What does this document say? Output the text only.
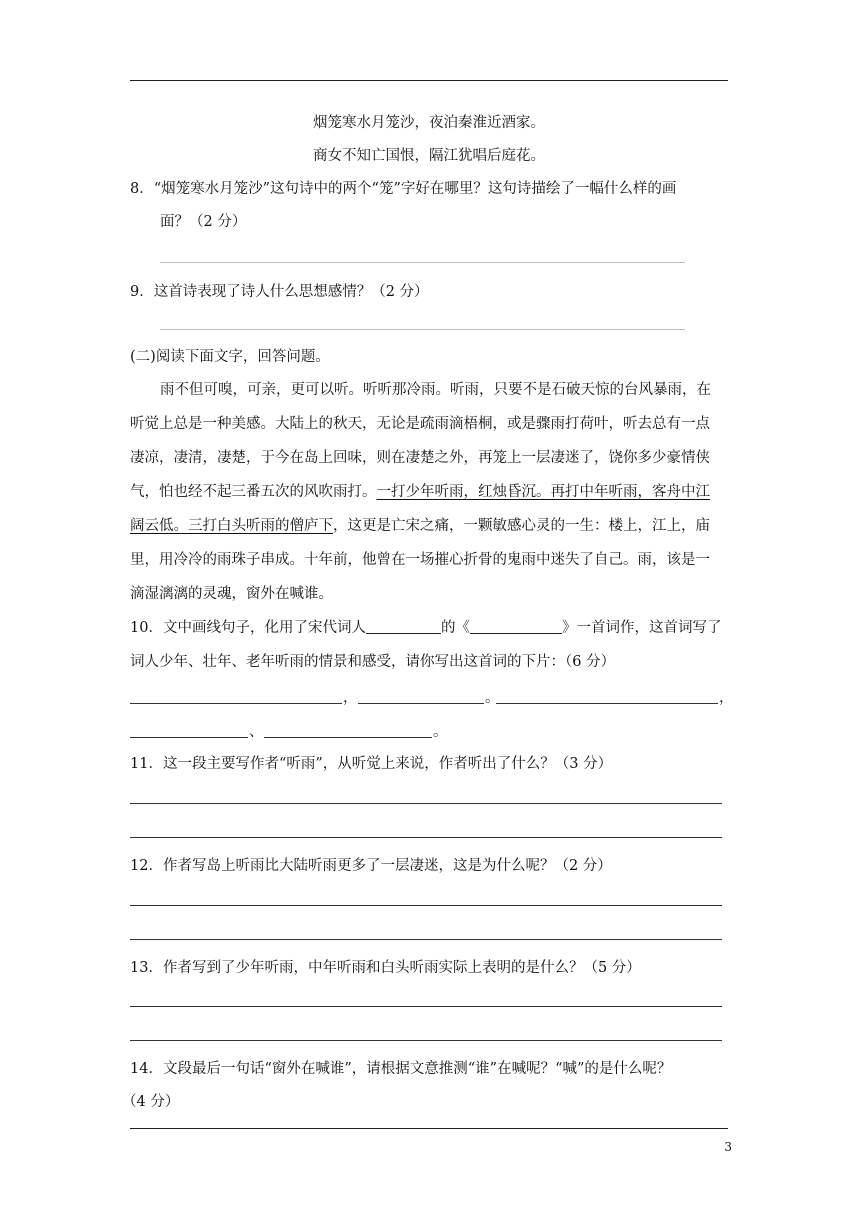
烟笼寒水月笼沙，夜泊秦淮近酒家。
商女不知亡国恨，隔江犹唱后庭花。
8．“烟笼寒水月笼沙”这句诗中的两个“笼”字好在哪里？这句诗描绘了一幅什么样的画
面？（2 分）
9．这首诗表现了诗人什么思想感情？（2 分）
(二)阅读下面文字，回答问题。
雨不但可嗅，可亲，更可以听。听听那冷雨。听雨，只要不是石破天惊的台风暴雨，在
听觉上总是一种美感。大陆上的秋天，无论是疏雨滴梧桐，或是骤雨打荷叶，听去总有一点
凄凉，凄清，凄楚，于今在岛上回味，则在凄楚之外，再笼上一层凄迷了，饶你多少豪情侠
气，怕也经不起三番五次的风吹雨打。一打少年听雨，红烛昏沉。再打中年听雨，客舟中江
阔云低。三打白头听雨的僧庐下，这更是亡宋之痛，一颗敏感心灵的一生：楼上，江上，庙
里，用冷冷的雨珠子串成。十年前，他曾在一场摧心折骨的鬼雨中迷失了自己。雨，该是一
滴湿漓漓的灵魂，窗外在喊谁。
10．文中画线句子，化用了宋代词人	的《	》一首词作，这首词写了
词人少年、壮年、老年听雨的情景和感受，请你写出这首词的下片：（6 分）
，	。	，
、	。
11．这一段主要写作者“听雨”，从听觉上来说，作者听出了什么？（3 分）
12．作者写岛上听雨比大陆听雨更多了一层凄迷，这是为什么呢？（2 分）
13．作者写到了少年听雨，中年听雨和白头听雨实际上表明的是什么？（5 分）
14．文段最后一句话“窗外在喊谁”，请根据文意推测“谁”在喊呢？“喊”的是什么呢？
（4 分）
3
